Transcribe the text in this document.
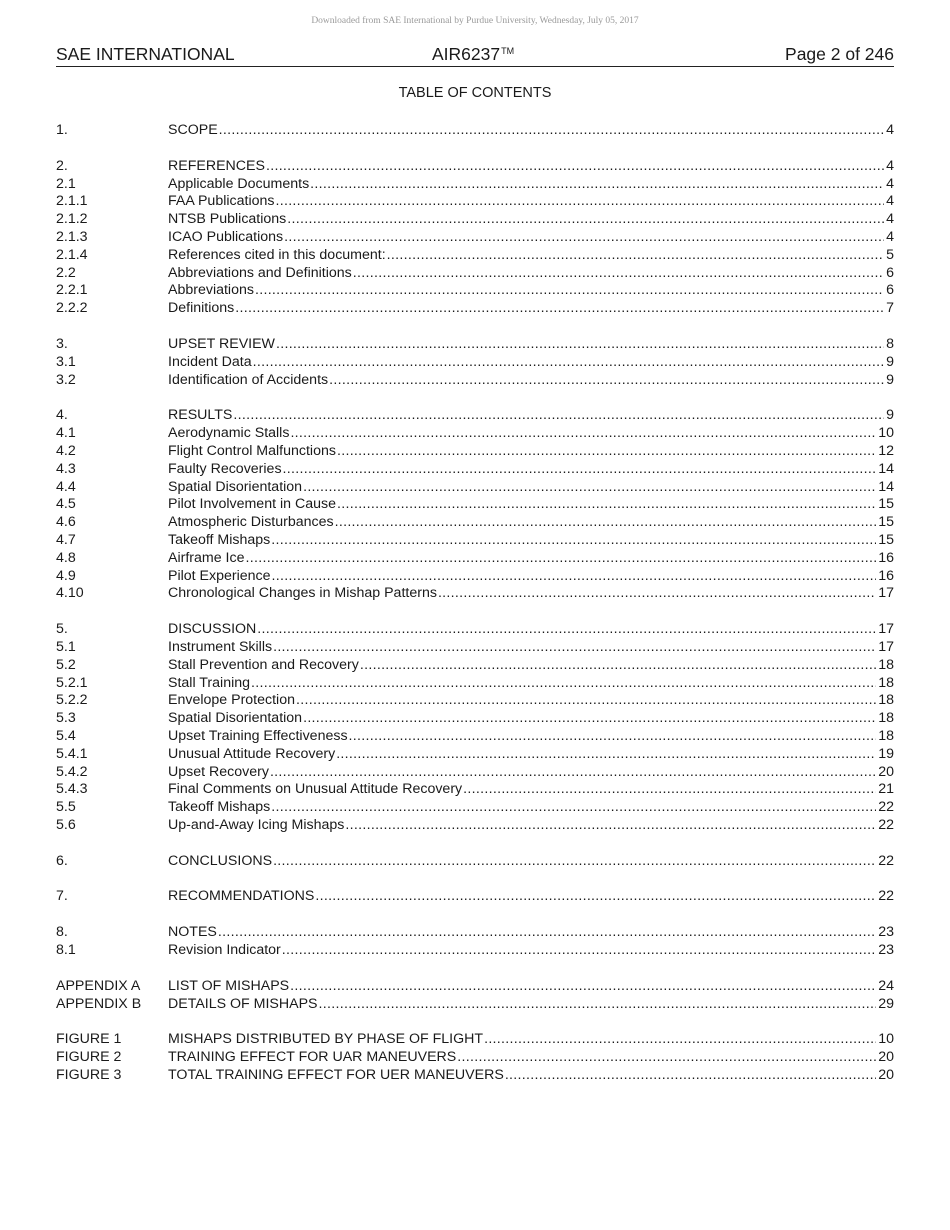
Downloaded from SAE International by Purdue University, Wednesday, July 05, 2017
SAE INTERNATIONAL	AIR6237™	Page 2 of 246
TABLE OF CONTENTS
1.	SCOPE .....	4
2.	REFERENCES .....	4
2.1	Applicable Documents .....	4
2.1.1	FAA Publications .....	4
2.1.2	NTSB Publications .....	4
2.1.3	ICAO Publications .....	4
2.1.4	References cited in this document: .....	5
2.2	Abbreviations and Definitions .....	6
2.2.1	Abbreviations .....	6
2.2.2	Definitions .....	7
3.	UPSET REVIEW .....	8
3.1	Incident Data .....	9
3.2	Identification of Accidents .....	9
4.	RESULTS .....	9
4.1	Aerodynamic Stalls .....	10
4.2	Flight Control Malfunctions .....	12
4.3	Faulty Recoveries .....	14
4.4	Spatial Disorientation .....	14
4.5	Pilot Involvement in Cause .....	15
4.6	Atmospheric Disturbances .....	15
4.7	Takeoff Mishaps .....	15
4.8	Airframe Ice .....	16
4.9	Pilot Experience .....	16
4.10	Chronological Changes in Mishap Patterns .....	17
5.	DISCUSSION .....	17
5.1	Instrument Skills .....	17
5.2	Stall Prevention and Recovery .....	18
5.2.1	Stall Training .....	18
5.2.2	Envelope Protection .....	18
5.3	Spatial Disorientation .....	18
5.4	Upset Training Effectiveness .....	18
5.4.1	Unusual Attitude Recovery .....	19
5.4.2	Upset Recovery .....	20
5.4.3	Final Comments on Unusual Attitude Recovery .....	21
5.5	Takeoff Mishaps .....	22
5.6	Up-and-Away Icing Mishaps .....	22
6.	CONCLUSIONS .....	22
7.	RECOMMENDATIONS .....	22
8.	NOTES .....	23
8.1	Revision Indicator .....	23
APPENDIX A	LIST OF MISHAPS .....	24
APPENDIX B	DETAILS OF MISHAPS .....	29
FIGURE 1	MISHAPS DISTRIBUTED BY PHASE OF FLIGHT .....	10
FIGURE 2	TRAINING EFFECT FOR UAR MANEUVERS .....	20
FIGURE 3	TOTAL TRAINING EFFECT FOR UER MANEUVERS .....	20
